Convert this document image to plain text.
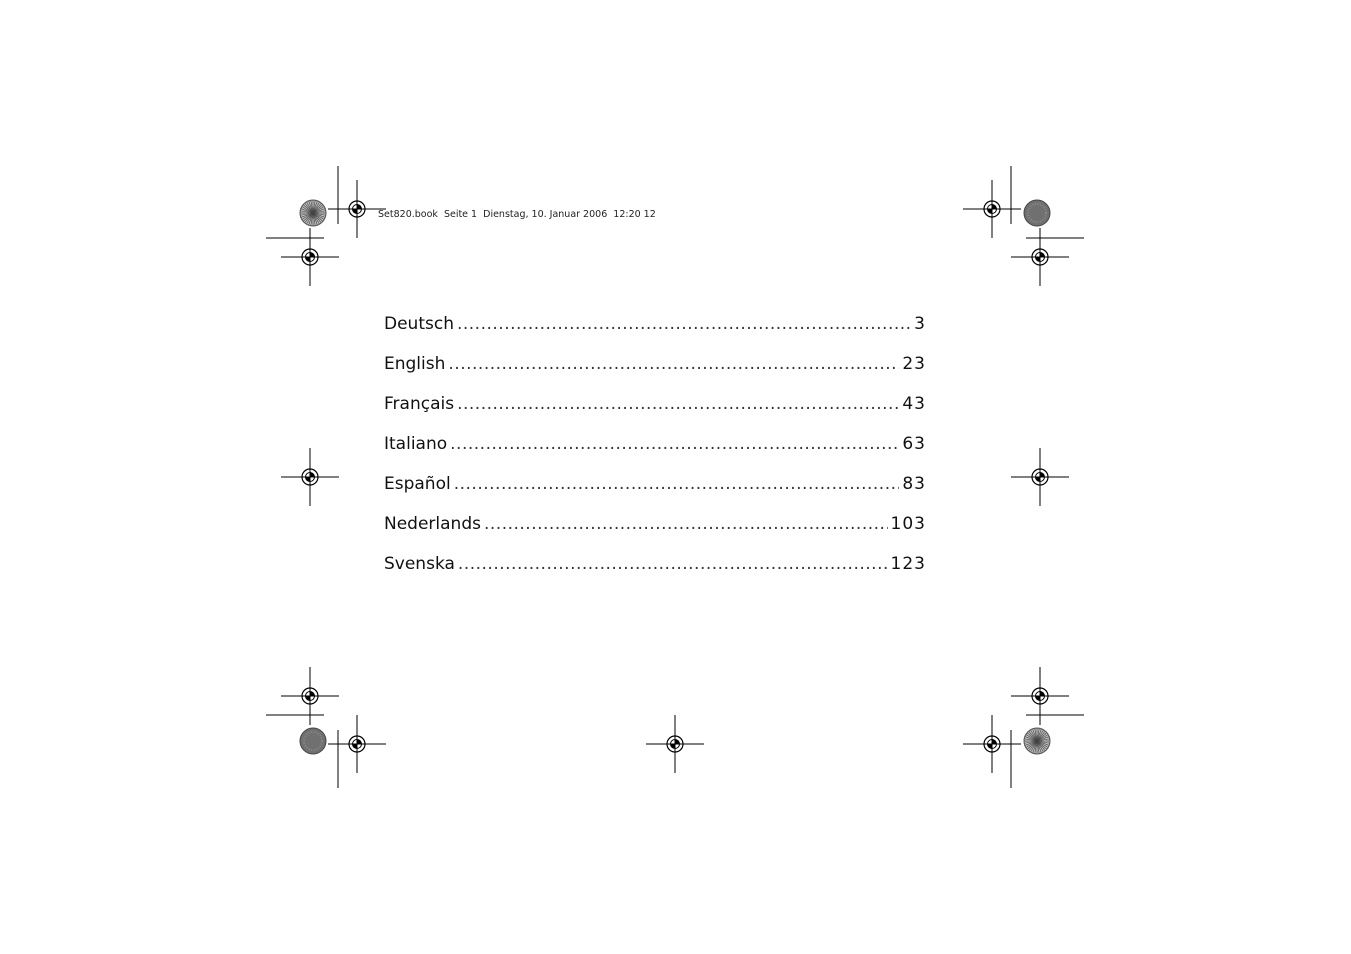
Set820.book  Seite 1  Dienstag, 10. Januar 2006  12:20 12
Deutsch .....	3
English .....	23
Français .....	43
Italiano .....	63
Español .....	83
Nederlands .....	103
Svenska .....	123
